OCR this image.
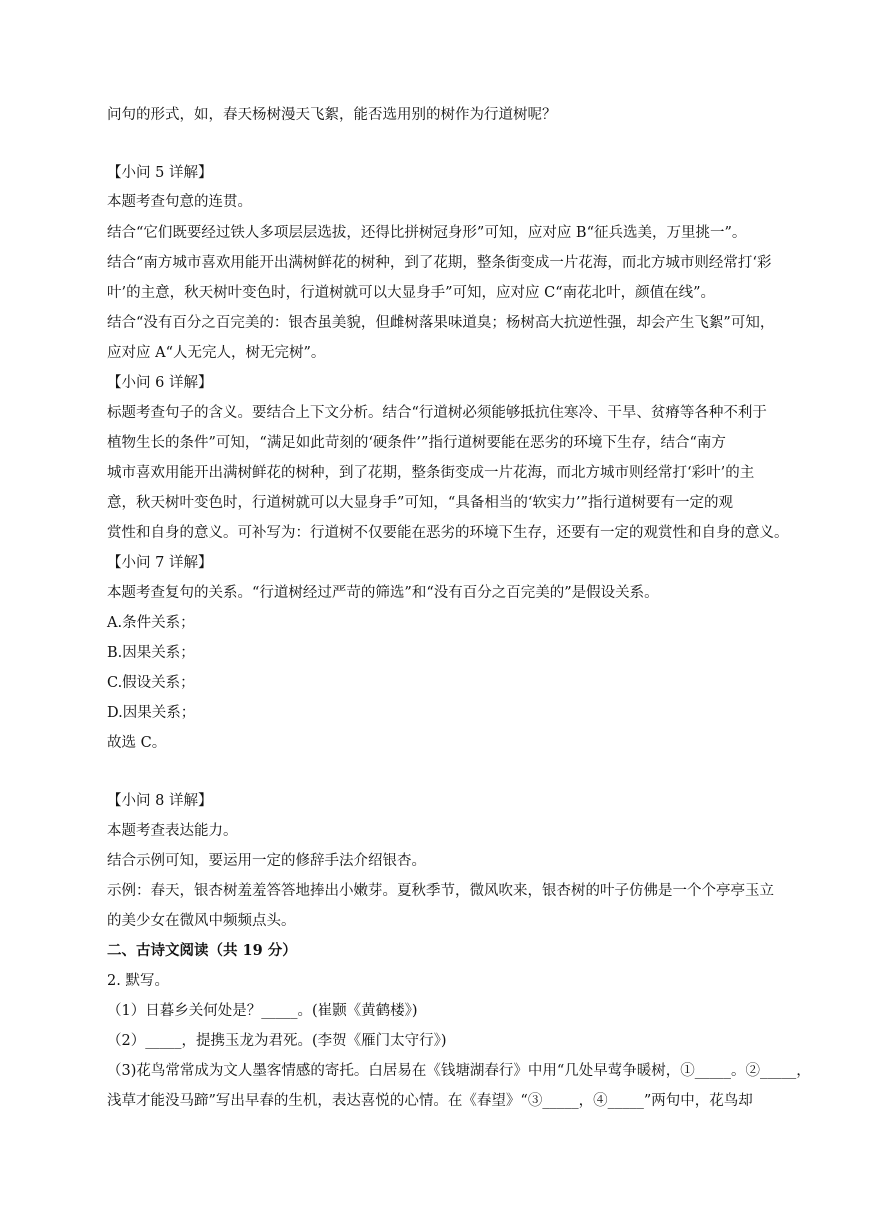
问句的形式，如，春天杨树漫天飞絮，能否选用别的树作为行道树呢？
【小问 5 详解】
本题考查句意的连贯。
结合“它们既要经过铁人多项层层选拔，还得比拼树冠身形”可知，应对应 B“征兵选美，万里挑一”。
结合“南方城市喜欢用能开出满树鲜花的树种，到了花期，整条街变成一片花海，而北方城市则经常打‘彩
叶’的主意，秋天树叶变色时，行道树就可以大显身手”可知，应对应 C“南花北叶，颜值在线”。
结合“没有百分之百完美的：银杏虽美貌，但雌树落果味道臭；杨树高大抗逆性强，却会产生飞絮”可知，
应对应 A“人无完人，树无完树”。
【小问 6 详解】
标题考查句子的含义。要结合上下文分析。结合“行道树必须能够抵抗住寒冷、干旱、贫瘠等各种不利于
植物生长的条件”可知，“满足如此苛刻的‘硬条件’”指行道树要能在恶劣的环境下生存，结合“南方
城市喜欢用能开出满树鲜花的树种，到了花期，整条街变成一片花海，而北方城市则经常打‘彩叶’的主
意，秋天树叶变色时，行道树就可以大显身手”可知，“具备相当的‘软实力’”指行道树要有一定的观
赏性和自身的意义。可补写为：行道树不仅要能在恶劣的环境下生存，还要有一定的观赏性和自身的意义。
【小问 7 详解】
本题考查复句的关系。“行道树经过严苛的筛选”和“没有百分之百完美的”是假设关系。
A.条件关系；
B.因果关系；
C.假设关系；
D.因果关系；
故选 C。
【小问 8 详解】
本题考查表达能力。
结合示例可知，要运用一定的修辞手法介绍银杏。
示例：春天，银杏树羞羞答答地捧出小嫩芽。夏秋季节，微风吹来，银杏树的叶子仿佛是一个个亭亭玉立
的美少女在微风中频频点头。
二、古诗文阅读（共 19 分）
2. 默写。
（1）日暮乡关何处是？_____。(崔颢《黄鹤楼》)
（2）_____，提携玉龙为君死。(李贺《雁门太守行》)
（3)花鸟常常成为文人墨客情感的寄托。白居易在《钱塘湖春行》中用“几处早莺争暖树，①_____。②_____，
浅草才能没马蹄”写出早春的生机，表达喜悦的心情。在《春望》“③_____，④_____”两句中，花鸟却
